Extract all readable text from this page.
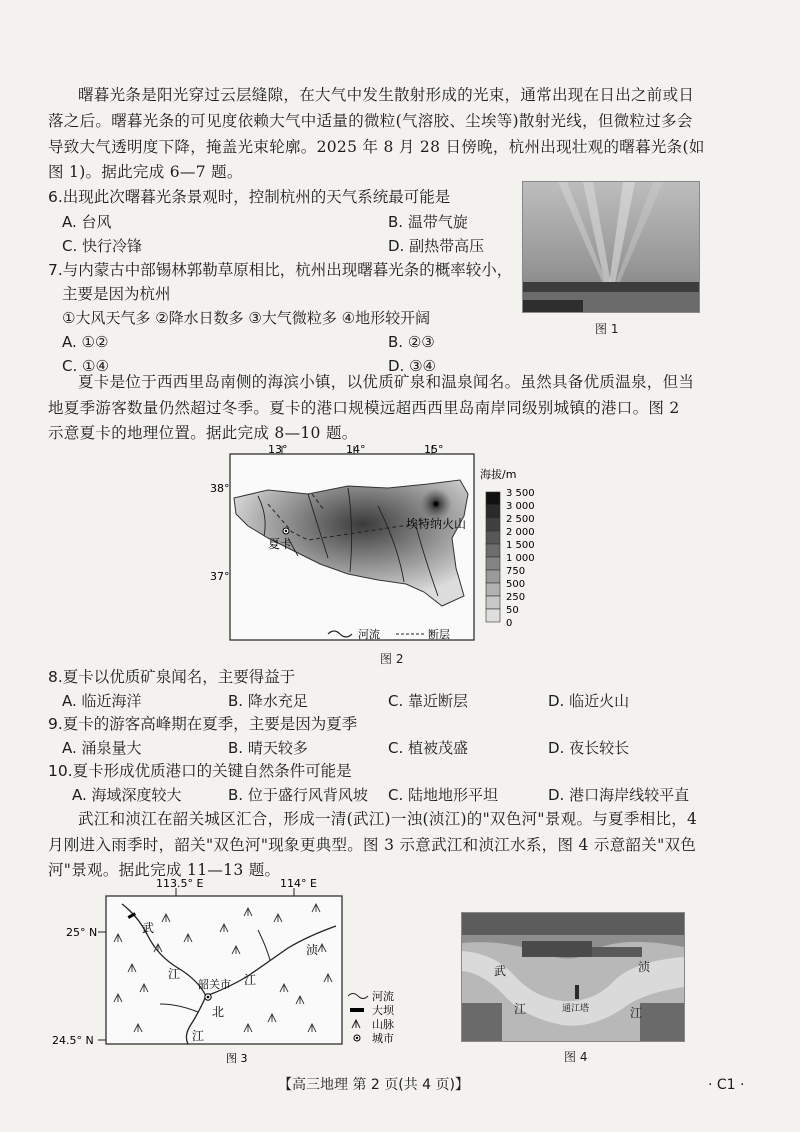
曙暮光条是阳光穿过云层缝隙，在大气中发生散射形成的光束，通常出现在日出之前或日
落之后。曙暮光条的可见度依赖大气中适量的微粒(气溶胶、尘埃等)散射光线，但微粒过多会
导致大气透明度下降，掩盖光束轮廓。2025 年 8 月 28 日傍晚，杭州出现壮观的曙暮光条(如
图 1)。据此完成 6—7 题。
6.出现此次曙暮光条景观时，控制杭州的天气系统最可能是
A. 台风	B. 温带气旋
C. 快行冷锋	D. 副热带高压
7.与内蒙古中部锡林郭勒草原相比，杭州出现曙暮光条的概率较小，
主要是因为杭州
①大风天气多 ②降水日数多 ③大气微粒多 ④地形较开阔
A. ①②	B. ②③
C. ①④	D. ③④
图 1
夏卡是位于西西里岛南侧的海滨小镇，以优质矿泉和温泉闻名。虽然具备优质温泉，但当
地夏季游客数量仍然超过冬季。夏卡的港口规模远超西西里岛南岸同级别城镇的港口。图 2
示意夏卡的地理位置。据此完成 8—10 题。
13°	14°	15°
38°
37°
夏卡
埃特纳火山
河流	断层
海拔/m
3 500
3 000
2 500
2 000
1 500
1 000
750
500
250
50
0
图 2
8.夏卡以优质矿泉闻名，主要得益于
A. 临近海洋	B. 降水充足	C. 靠近断层	D. 临近火山
9.夏卡的游客高峰期在夏季，主要是因为夏季
A. 涌泉量大	B. 晴天较多	C. 植被茂盛	D. 夜长较长
10.夏卡形成优质港口的关键自然条件可能是
A. 海域深度较大	B. 位于盛行风背风坡 C. 陆地地形平坦	D. 港口海岸线较平直
武江和浈江在韶关城区汇合，形成一清(武江)一浊(浈江)的"双色河"景观。与夏季相比，4
月刚进入雨季时，韶关"双色河"现象更典型。图 3 示意武江和浈江水系，图 4 示意韶关"双色
河"景观。据此完成 11—13 题。
113.5° E	114° E
25° N
24.5° N
武
江
浈
江
北
江
韶关市
河流
大坝
山脉
城市
图 3
武
江
浈
江
通江塔
图 4
【高三地理 第 2 页(共 4 页)】	· C1 ·
